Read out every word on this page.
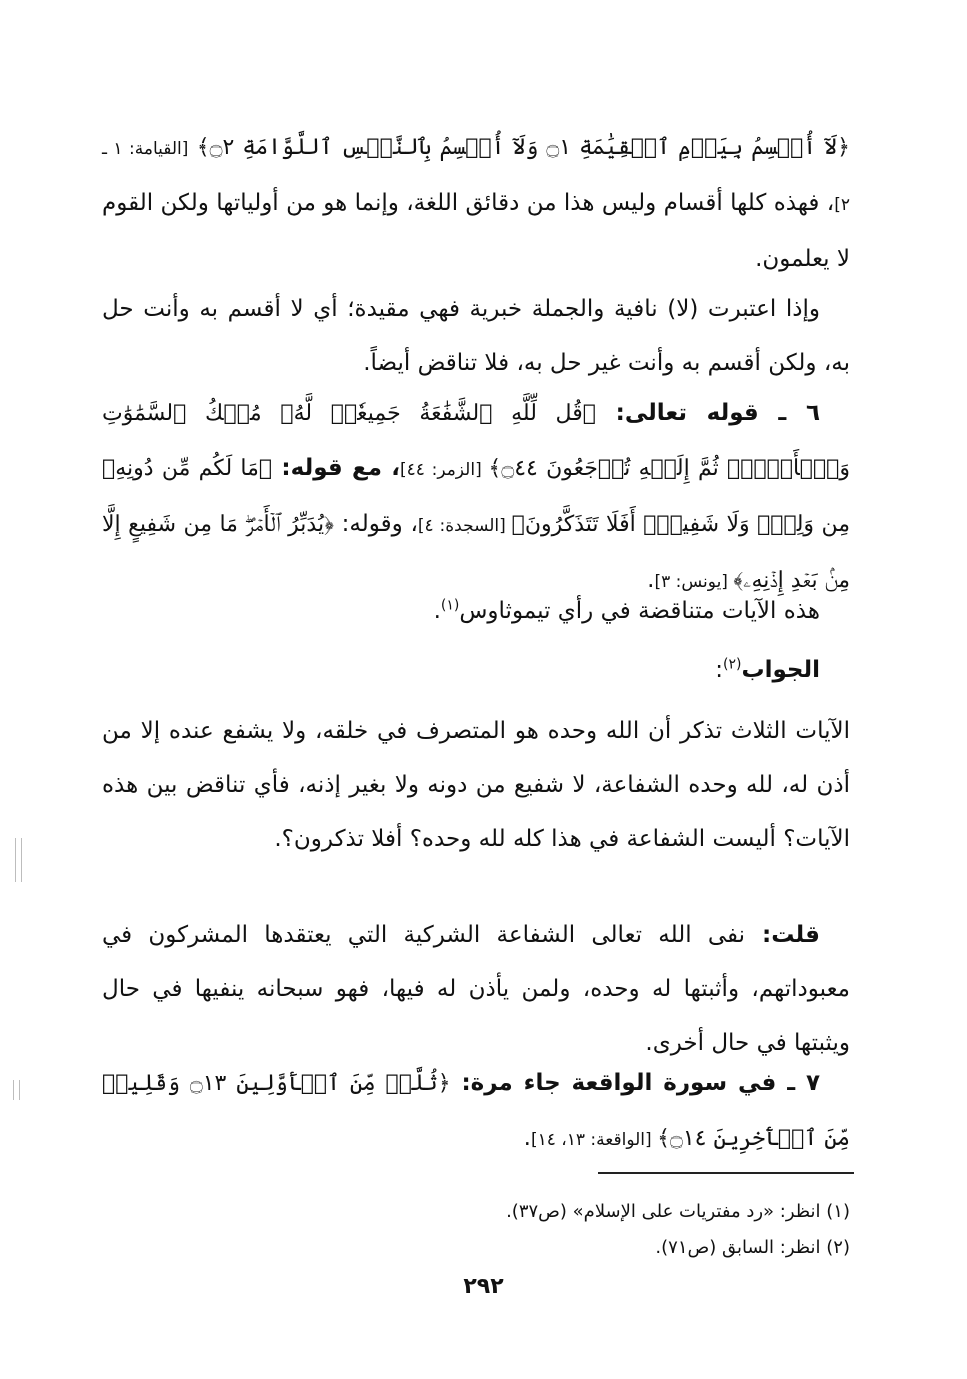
﴿لَآ أُقۡسِمُ بِيَوۡمِ ٱلۡقِيَٰمَةِ ۝١ وَلَآ أُقۡسِمُ بِٱلنَّفۡسِ ٱللَّوَّامَةِ ۝٢﴾ [القيامة: ١ ـ ٢]، فهذه كلها أقسام وليس هذا من دقائق اللغة، وإنما هو من أولياتها ولكن القوم لا يعلمون.
وإذا اعتبرت (لا) نافية والجملة خبرية فهي مقيدة؛ أي لا أقسم به وأنت حل به، ولكن أقسم به وأنت غير حل به، فلا تناقض أيضاً.
٦ ـ قوله تعالى: ﴿قُل لِّلَّهِ ٱلشَّفَٰعَةُ جَمِيعٗاۖ لَّهُۥ مُلۡكُ ٱلسَّمَٰوَٰتِ وَٱلۡأَرۡضِۖ ثُمَّ إِلَيۡهِ تُرۡجَعُونَ ۝٤٤﴾ [الزمر: ٤٤]، مع قوله: ﴿مَا لَكُم مِّن دُونِهِۦ مِن وَلِيّٖ وَلَا شَفِيعٍۚ أَفَلَا تَتَذَكَّرُونَ﴾ [السجدة: ٤]، وقوله: ﴿يُدَبِّرُ ٱلۡأَمۡرَۖ مَا مِن شَفِيعٍ إِلَّا مِنۢ بَعۡدِ إِذۡنِهِۦ﴾ [يونس: ٣].
هذه الآيات متناقضة في رأي تيموثاوس$^{(١)}$.
الجواب$^{(٢)}$:
الآيات الثلاث تذكر أن الله وحده هو المتصرف في خلقه، ولا يشفع عنده إلا من أذن له، لله وحده الشفاعة، لا شفيع من دونه ولا بغير إذنه، فأي تناقض بين هذه الآيات؟ أليست الشفاعة في هذا كله لله وحده؟ أفلا تذكرون؟.
قلت: نفى الله تعالى الشفاعة الشركية التي يعتقدها المشركون في معبوداتهم، وأثبتها له وحده، ولمن يأذن له فيها، فهو سبحانه ينفيها في حال ويثبتها في حال أخرى.
٧ ـ في سورة الواقعة جاء مرة: ﴿ثُلَّةٞ مِّنَ ٱلۡأَوَّلِينَ ۝١٣ وَقَلِيلٞ مِّنَ ٱلۡأٓخِرِينَ ۝١٤﴾ [الواقعة: ١٣، ١٤].
(١) انظر: «رد مفتريات على الإسلام» (ص٣٧).
(٢) انظر: السابق (ص٧١).
٢٩٢
